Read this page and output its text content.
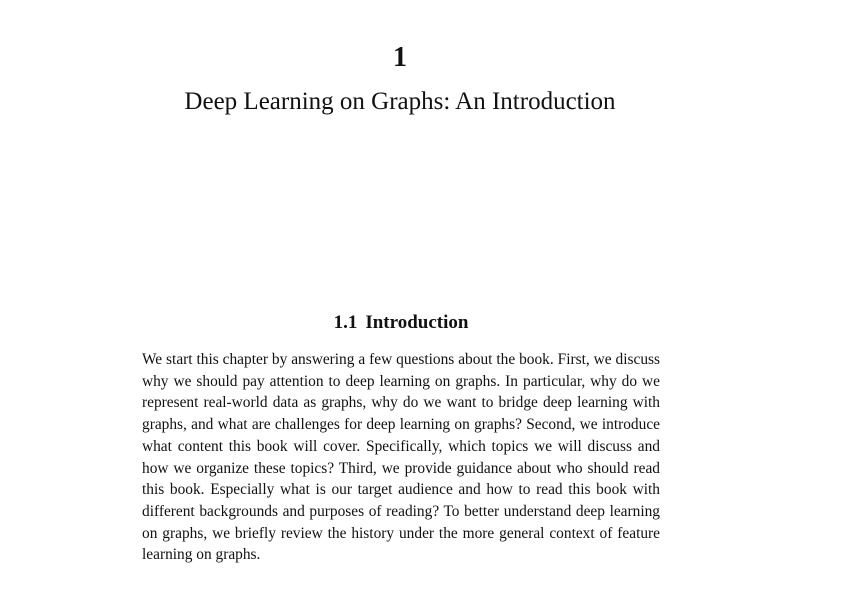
1
Deep Learning on Graphs: An Introduction
1.1 Introduction

We start this chapter by answering a few questions about the book. First, we discuss why we should pay attention to deep learning on graphs. In particular, why do we represent real-world data as graphs, why do we want to bridge deep learning with graphs, and what are challenges for deep learning on graphs? Second, we introduce what content this book will cover. Specifically, which topics we will discuss and how we organize these topics? Third, we provide guidance about who should read this book. Especially what is our target audience and how to read this book with different backgrounds and purposes of reading? To better understand deep learning on graphs, we briefly review the history under the more general context of feature learning on graphs.
